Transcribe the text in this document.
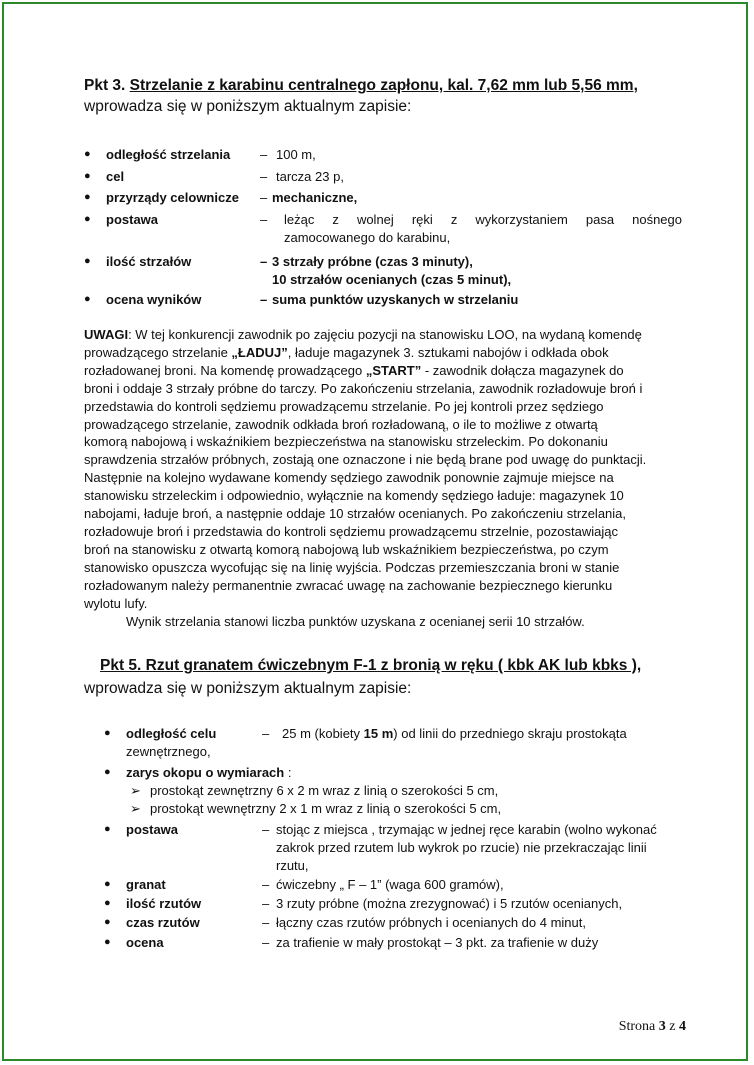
Pkt 3. Strzelanie z karabinu centralnego zapłonu, kal. 7,62 mm lub 5,56 mm,
wprowadza się w poniższym aktualnym zapisie:
● odległość strzelania – 100 m,
● cel	– tarcza 23 p,
● przyrządy celownicze – mechaniczne,
● postawa	– leżąc z wolnej ręki z wykorzystaniem pasa nośnego
zamocowanego do karabinu,
● ilość strzałów	– 3 strzały próbne (czas 3 minuty),
10 strzałów ocenianych (czas 5 minut),
● ocena wyników	– suma punktów uzyskanych w strzelaniu
UWAGI: W tej konkurencji zawodnik po zajęciu pozycji na stanowisku LOO, na wydaną komendę
prowadzącego strzelanie „ŁADUJ”, ładuje magazynek 3. sztukami nabojów i odkłada obok
rozładowanej broni. Na komendę prowadzącego „START” - zawodnik dołącza magazynek do
broni i oddaje 3 strzały próbne do tarczy. Po zakończeniu strzelania, zawodnik rozładowuje broń i
przedstawia do kontroli sędziemu prowadzącemu strzelanie. Po jej kontroli przez sędziego
prowadzącego strzelanie, zawodnik odkłada broń rozładowaną, o ile to możliwe z otwartą
komorą nabojową i wskaźnikiem bezpieczeństwa na stanowisku strzeleckim. Po dokonaniu
sprawdzenia strzałów próbnych, zostają one oznaczone i nie będą brane pod uwagę do punktacji.
Następnie na kolejno wydawane komendy sędziego zawodnik ponownie zajmuje miejsce na
stanowisku strzeleckim i odpowiednio, wyłącznie na komendy sędziego ładuje: magazynek 10
nabojami, ładuje broń, a następnie oddaje 10 strzałów ocenianych. Po zakończeniu strzelania,
rozładowuje broń i przedstawia do kontroli sędziemu prowadzącemu strzelnie, pozostawiając
broń na stanowisku z otwartą komorą nabojową lub wskaźnikiem bezpieczeństwa, po czym
stanowisko opuszcza wycofując się na linię wyjścia. Podczas przemieszczania broni w stanie
rozładowanym należy permanentnie zwracać uwagę na zachowanie bezpiecznego kierunku
wylotu lufy.
Wynik strzelania stanowi liczba punktów uzyskana z ocenianej serii 10 strzałów.
Pkt 5. Rzut granatem ćwiczebnym F-1 z bronią w ręku ( kbk AK lub kbks ),
wprowadza się w poniższym aktualnym zapisie:
● odległość celu	– 25 m (kobiety 15 m) od linii do przedniego skraju prostokąta
zewnętrznego,
● zarys okopu o wymiarach :
➢ prostokąt zewnętrzny 6 x 2 m wraz z linią o szerokości 5 cm,
➢ prostokąt wewnętrzny 2 x 1 m wraz z linią o szerokości 5 cm,
● postawa	– stojąc z miejsca , trzymając w jednej ręce karabin (wolno wykonać
zakrok przed rzutem lub wykrok po rzucie) nie przekraczając linii
rzutu,
● granat	– ćwiczebny „ F – 1” (waga 600 gramów),
● ilość rzutów	– 3 rzuty próbne (można zrezygnować) i 5 rzutów ocenianych,
● czas rzutów	– łączny czas rzutów próbnych i ocenianych do 4 minut,
● ocena	– za trafienie w mały prostokąt – 3 pkt. za trafienie w duży
Strona 3 z 4
